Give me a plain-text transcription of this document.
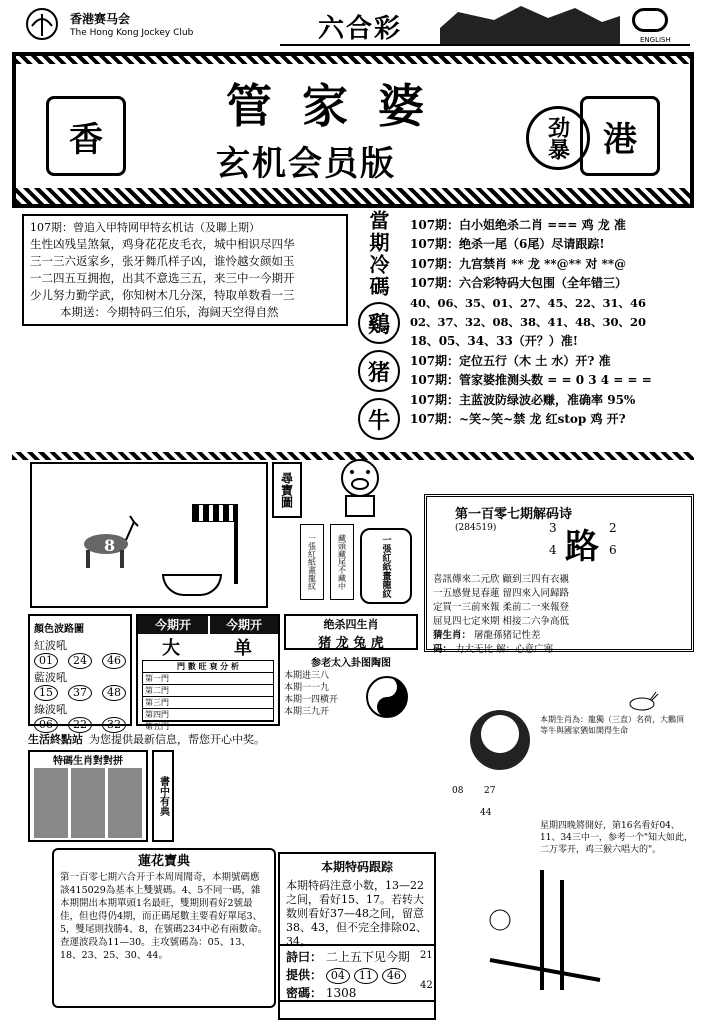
香港赛马会
The Hong Kong Jockey Club	六合彩	ENGLISH
香	港
管家婆
玄机会员版
劲暴
107期：曾追入甲特网甲特玄机诂（及聯上期）
生性凶残呈煞氣，鸡身花花皮毛衣，城中相识尽四华
三一三六返家乡，张牙舞爪样子凶，谁怜越女颜如玉
一二四五互拥抱，出其不意选三五，来三中一今期开
少儿努力勤学武，你知树木几分深，特取单数看一三
本期送：今期特码三伯乐，海阔天空得自然
當期冷碼
鷄
猪
牛
107期：白小姐绝杀二肖 === 鸡 龙 准
107期：绝杀一尾（6尾）尽请跟踪!
107期：九宫禁肖 ** 龙 **@** 对 **@
107期：六合彩特码大包围（全年错三）
40、06、35、01、27、45、22、31、46
02、37、32、08、38、41、48、30、20
18、05、34、33（开？）准!
107期：定位五行（木 土 水）开? 准
107期：管家婆推测头数 = = 0 3 4 = = =
107期：主蓝波防绿波必赚，准确率 95%
107期：~笑~笑~禁 龙 红stop 鸡 开?
8
尋寶圖
一張紅紙畫龍紋	藏頭藏尾不藏中	一張紅紙畫龍紋
第一百零七期解码诗
(284519) 路
3
4
2
6
喜訊傳來二元欣 顧到三四有衣襯
一五感覺見春蓮 留四來入同歸路
定買一三前來報 柔前二一來報登
屈見四七定來期 相接二六争高低
猜生肖： 屠龍孫猪记性差
码： 力大无比 解：心意广寒
顏色波路圖
紅波吼
01 24 46
藍波吼
15 37 48
綠波吼
06 22 32
今期开	今期开
大	单
門 數 旺 衰 分 析
第一門
第二門
第三門
第四門
第五門
绝杀四生肖
猪 龙 兔 虎
参老太入卦图陶图
本期进三八
本期一一九
本期一四横开
本期三九开
生活終點站 为您提供最新信息，帮您开心中奖。
特碼生肖對對拼
書中有典
蓮花寶典
第一百零七期六合开于本周周聞奇，本期號碼應該415029為基本上雙號碼。4、5不同一碼，雜本期開出本期單頭1名最旺，雙期則看好2號最佳，但也得仍4期，而正碼尾數主要看好單尾3、5，雙尾則找勝4、8，在號碼234中必有兩數命。查運波段為11—30。主攻號碼為：05、13、18、23、25、30、44。
本期特码跟踪
本期特码注意小数，13—22之间，看好15、17。若转大数则看好37—48之间，留意38、43，但不完全排除02、34。
21
42
詩曰： 二上五下见今期
提供： 04 11 46
密碼： 1308
本期生肖為：龍獨（三直）名荷，大鵬頂等牛與國家猶如開得生命
08 27
44
星期四晚將開好，第16名看好04、11、34三中一，参考一个"知大如此，二万零开，鸡三猴六唱大的"。
